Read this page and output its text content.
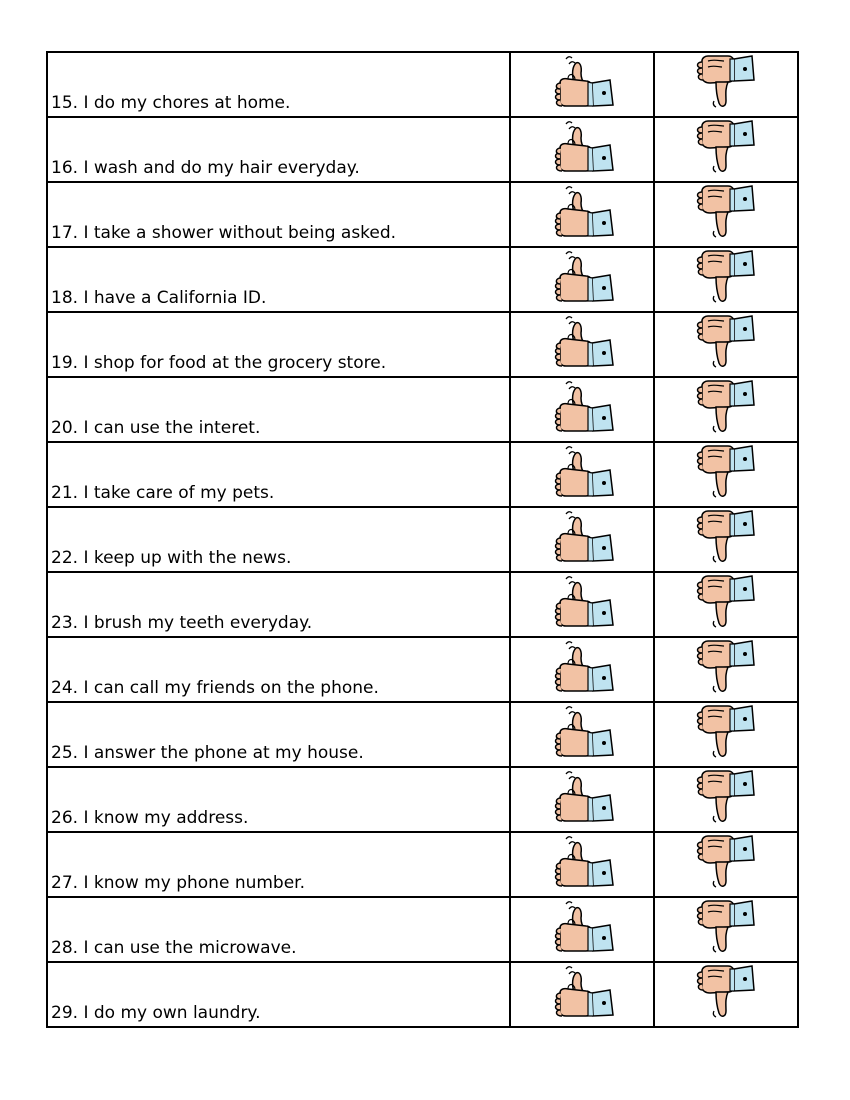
15. I do my chores at home.	

16. I wash and do my hair everyday.	

17. I take a shower without being asked.	

18. I have a California ID.	

19. I shop for food at the grocery store.	

20. I can use the interet.	

21. I take care of my pets.	

22. I keep up with the news.	

23. I brush my teeth everyday.	

24. I can call my friends on the phone.	

25. I answer the phone at my house.	

26. I know my address.	

27. I know my phone number.	

28. I can use the microwave.	

29. I do my own laundry.	
